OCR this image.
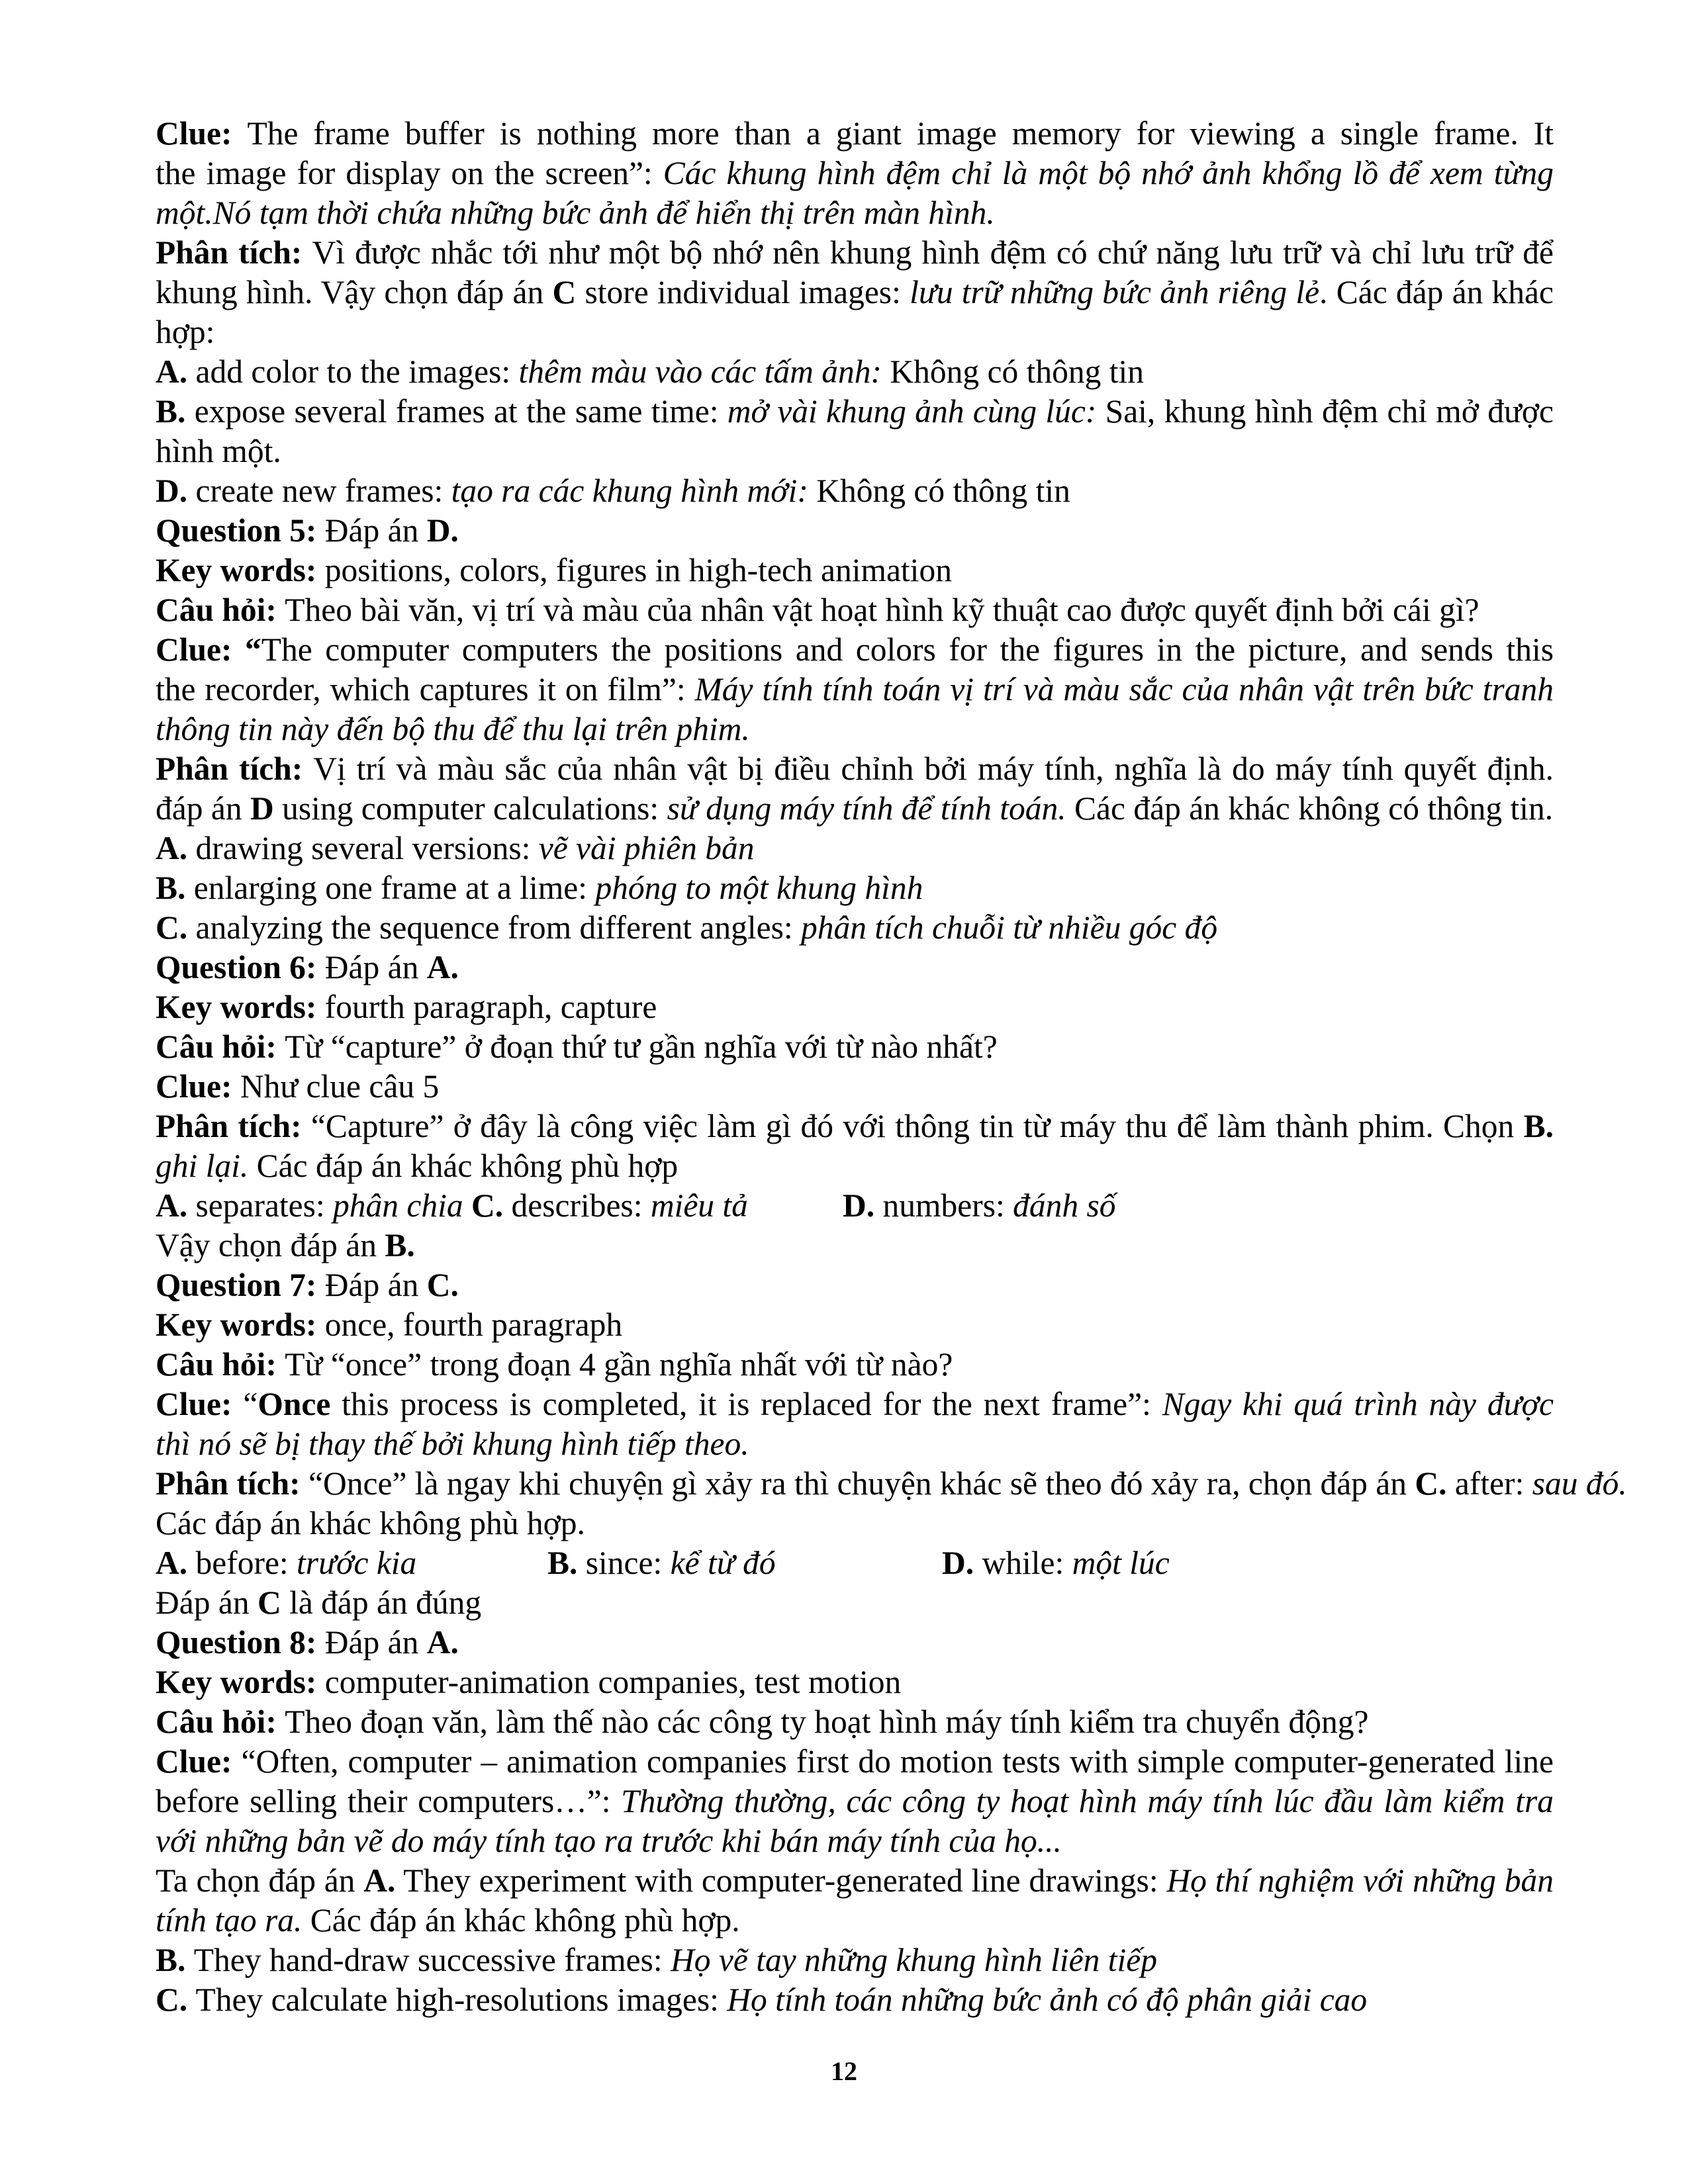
Clue: The frame buffer is nothing more than a giant image memory for viewing a single frame. It
the image for display on the screen”: Các khung hình đệm chỉ là một bộ nhớ ảnh khổng lồ để xem từng
một.Nó tạm thời chứa những bức ảnh để hiển thị trên màn hình.
Phân tích: Vì được nhắc tới như một bộ nhớ nên khung hình đệm có chứ năng lưu trữ và chỉ lưu trữ để
khung hình. Vậy chọn đáp án C store individual images: lưu trữ những bức ảnh riêng lẻ. Các đáp án khác
hợp:
A. add color to the images: thêm màu vào các tấm ảnh: Không có thông tin
B. expose several frames at the same time: mở vài khung ảnh cùng lúc: Sai, khung hình đệm chỉ mở được
hình một.
D. create new frames: tạo ra các khung hình mới: Không có thông tin
Question 5: Đáp án D.
Key words: positions, colors, figures in high-tech animation
Câu hỏi: Theo bài văn, vị trí và màu của nhân vật hoạt hình kỹ thuật cao được quyết định bởi cái gì?
Clue: “The computer computers the positions and colors for the figures in the picture, and sends this
the recorder, which captures it on film”: Máy tính tính toán vị trí và màu sắc của nhân vật trên bức tranh
thông tin này đến bộ thu để thu lại trên phim.
Phân tích: Vị trí và màu sắc của nhân vật bị điều chỉnh bởi máy tính, nghĩa là do máy tính quyết định.
đáp án D using computer calculations: sử dụng máy tính để tính toán. Các đáp án khác không có thông tin.
A. drawing several versions: vẽ vài phiên bản
B. enlarging one frame at a lime: phóng to một khung hình
C. analyzing the sequence from different angles: phân tích chuỗi từ nhiều góc độ
Question 6: Đáp án A.
Key words: fourth paragraph, capture
Câu hỏi: Từ “capture” ở đoạn thứ tư gần nghĩa với từ nào nhất?
Clue: Như clue câu 5
Phân tích: “Capture” ở đây là công việc làm gì đó với thông tin từ máy thu để làm thành phim. Chọn B.
ghi lại. Các đáp án khác không phù hợp
A. separates: phân chia C. describes: miêu tả	D. numbers: đánh số
Vậy chọn đáp án B.
Question 7: Đáp án C.
Key words: once, fourth paragraph
Câu hỏi: Từ “once” trong đoạn 4 gần nghĩa nhất với từ nào?
Clue: “Once this process is completed, it is replaced for the next frame”: Ngay khi quá trình này được
thì nó sẽ bị thay thế bởi khung hình tiếp theo.
Phân tích: “Once” là ngay khi chuyện gì xảy ra thì chuyện khác sẽ theo đó xảy ra, chọn đáp án C. after: sau đó.
Các đáp án khác không phù hợp.
A. before: trước kia	B. since: kể từ đó	D. while: một lúc
Đáp án C là đáp án đúng
Question 8: Đáp án A.
Key words: computer-animation companies, test motion
Câu hỏi: Theo đoạn văn, làm thế nào các công ty hoạt hình máy tính kiểm tra chuyển động?
Clue: “Often, computer – animation companies first do motion tests with simple computer-generated line
before selling their computers…”: Thường thường, các công ty hoạt hình máy tính lúc đầu làm kiểm tra
với những bản vẽ do máy tính tạo ra trước khi bán máy tính của họ...
Ta chọn đáp án A. They experiment with computer-generated line drawings: Họ thí nghiệm với những bản
tính tạo ra. Các đáp án khác không phù hợp.
B. They hand-draw successive frames: Họ vẽ tay những khung hình liên tiếp
C. They calculate high-resolutions images: Họ tính toán những bức ảnh có độ phân giải cao
12
